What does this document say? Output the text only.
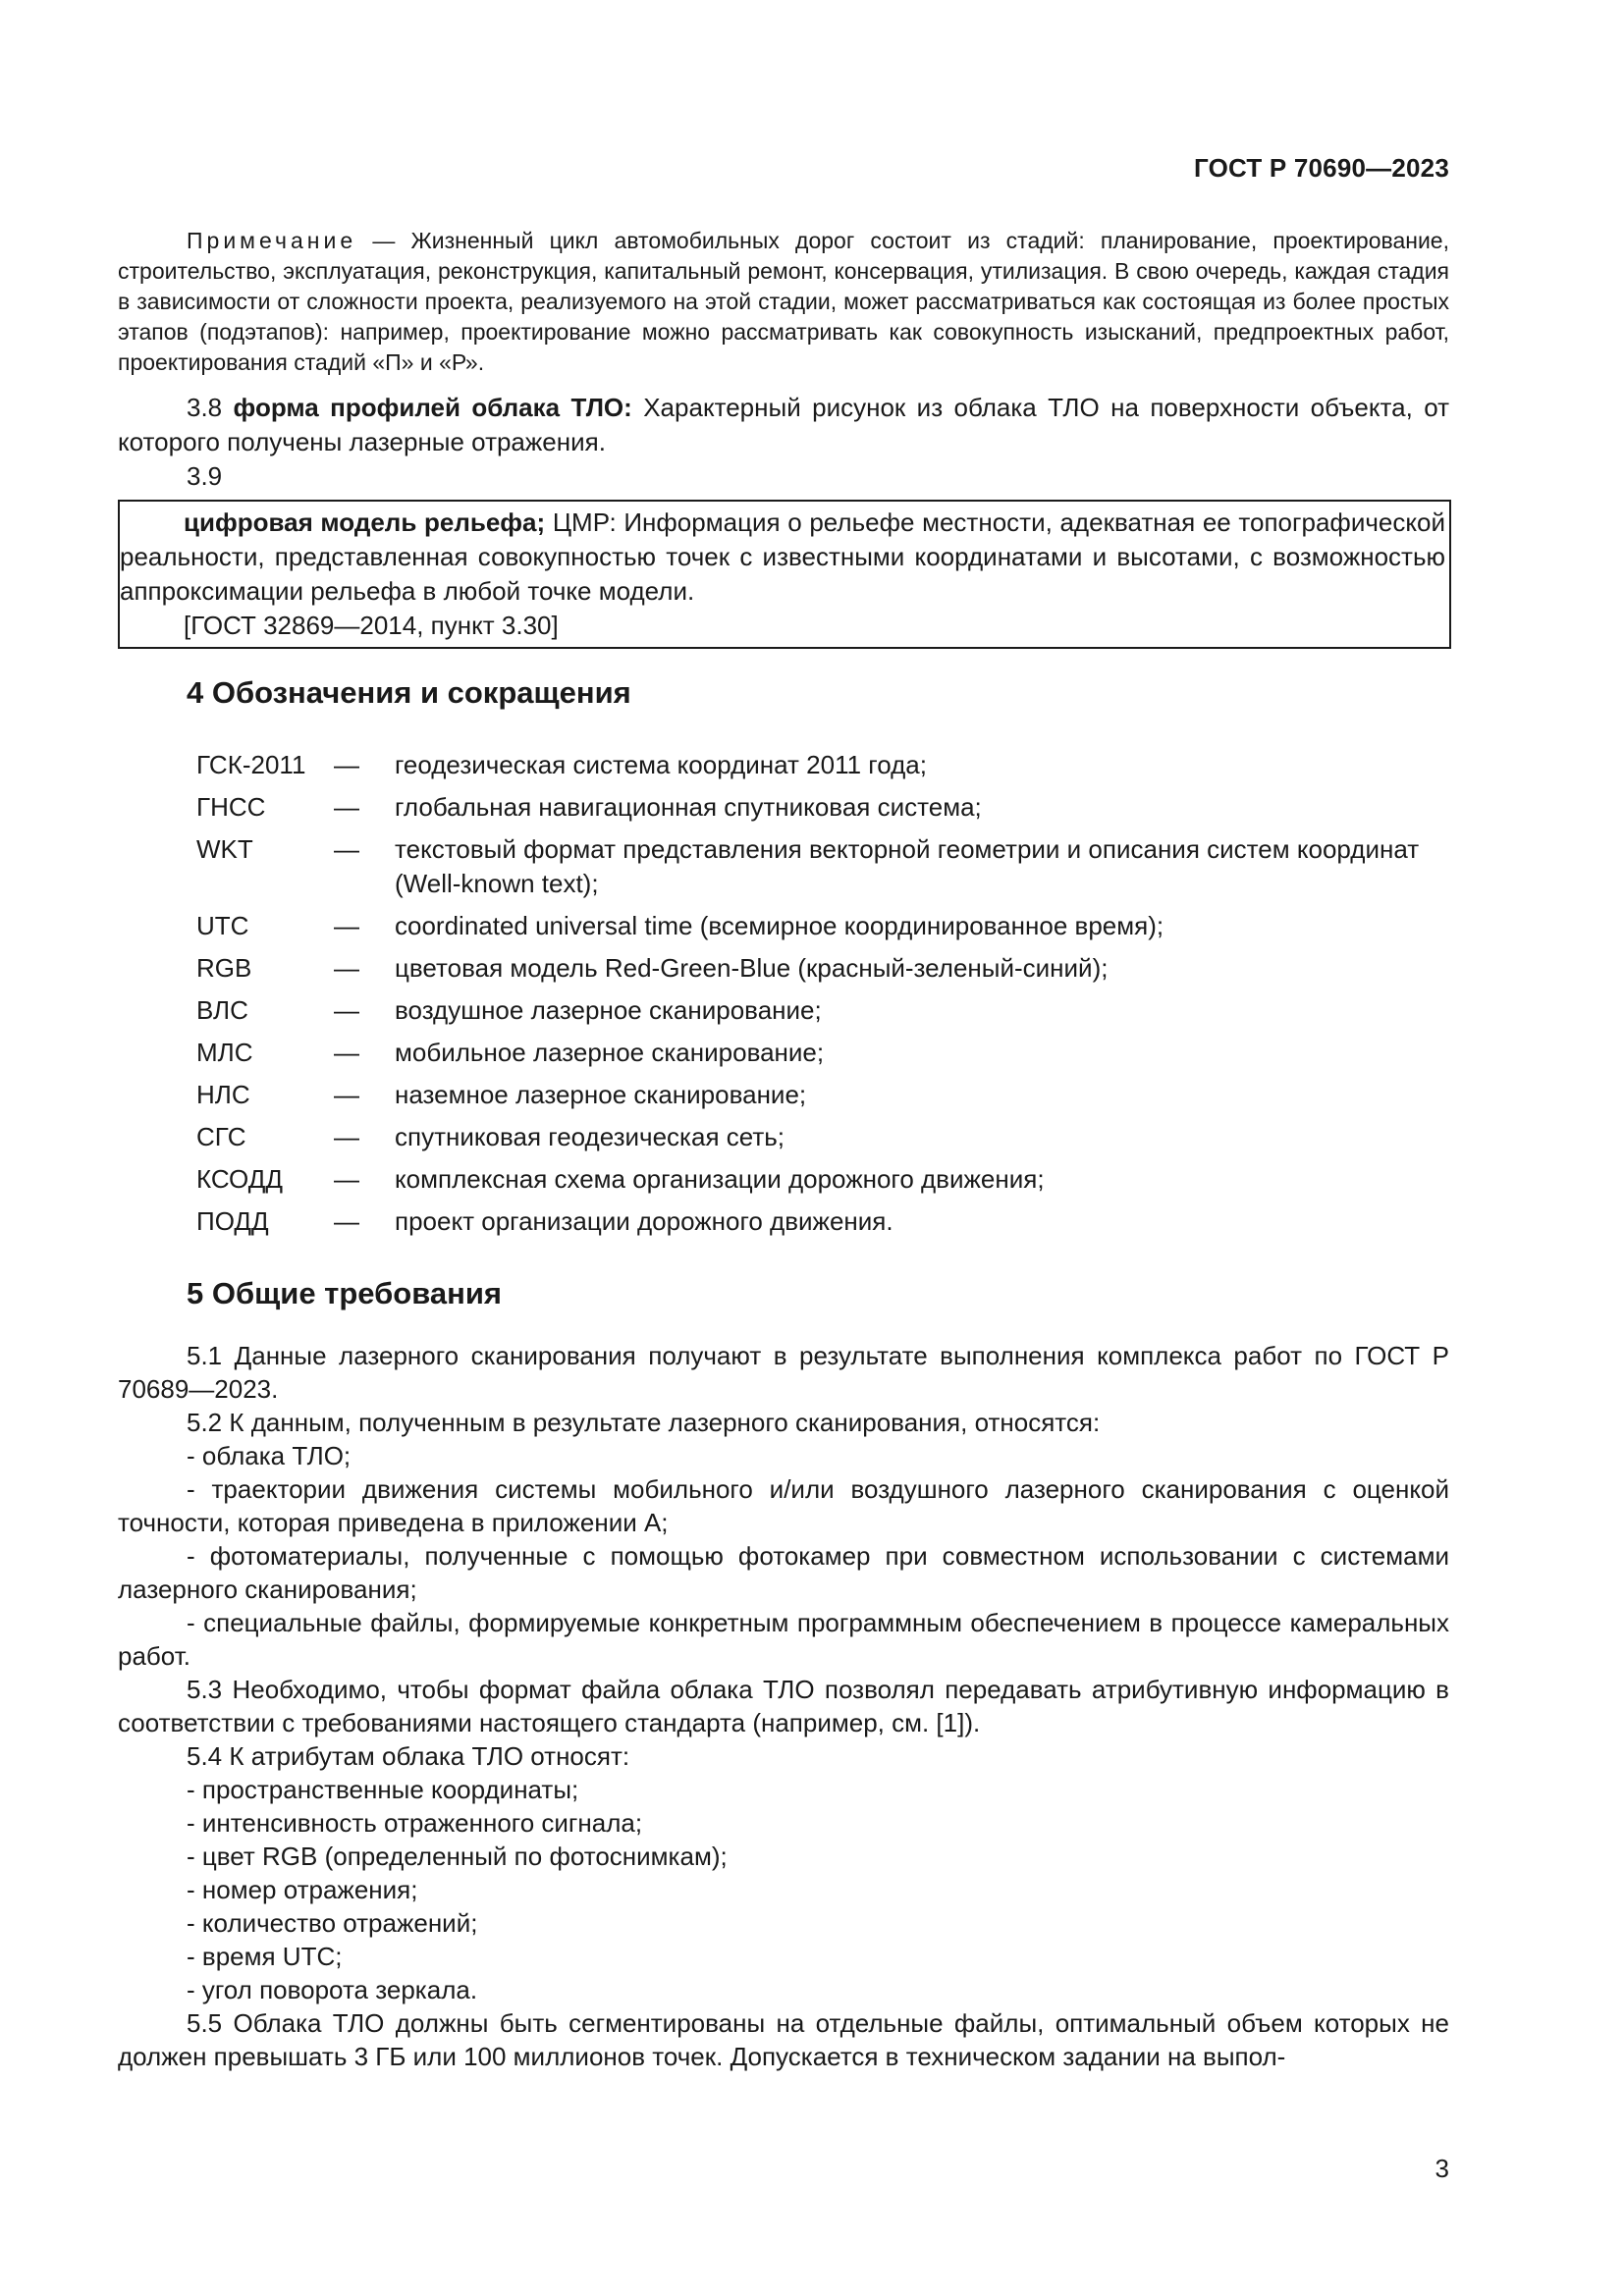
ГОСТ Р 70690—2023

Примечание — Жизненный цикл автомобильных дорог состоит из стадий: планирование, проектирование, строительство, эксплуатация, реконструкция, капитальный ремонт, консервация, утилизация. В свою очередь, каждая стадия в зависимости от сложности проекта, реализуемого на этой стадии, может рассматриваться как состоящая из более простых этапов (подэтапов): например, проектирование можно рассматривать как совокупность изысканий, предпроектных работ, проектирования стадий «П» и «Р».

3.8 форма профилей облака ТЛО: Характерный рисунок из облака ТЛО на поверхности объекта, от которого получены лазерные отражения.

3.9

цифровая модель рельефа; ЦМР: Информация о рельефе местности, адекватная ее топографической реальности, представленная совокупностью точек с известными координатами и высотами, с возможностью аппроксимации рельефа в любой точке модели.

[ГОСТ 32869—2014, пункт 3.30]
4 Обозначения и сокращения
ГСК-2011	—	геодезическая система координат 2011 года;
ГНСС	—	глобальная навигационная спутниковая система;
WKT	—	текстовый формат представления векторной геометрии и описания систем координат (Well-known text);
UTC	—	coordinated universal time (всемирное координированное время);
RGB	—	цветовая модель Red-Green-Blue (красный-зеленый-синий);
ВЛС	—	воздушное лазерное сканирование;
МЛС	—	мобильное лазерное сканирование;
НЛС	—	наземное лазерное сканирование;
СГС	—	спутниковая геодезическая сеть;
КСОДД	—	комплексная схема организации дорожного движения;
ПОДД	—	проект организации дорожного движения.
5 Общие требования

5.1 Данные лазерного сканирования получают в результате выполнения комплекса работ по ГОСТ Р 70689—2023.

5.2 К данным, полученным в результате лазерного сканирования, относятся:

- облака ТЛО;

- траектории движения системы мобильного и/или воздушного лазерного сканирования с оценкой точности, которая приведена в приложении А;

- фотоматериалы, полученные с помощью фотокамер при совместном использовании с системами лазерного сканирования;

- специальные файлы, формируемые конкретным программным обеспечением в процессе камеральных работ.

5.3 Необходимо, чтобы формат файла облака ТЛО позволял передавать атрибутивную информацию в соответствии с требованиями настоящего стандарта (например, см. [1]).

5.4 К атрибутам облака ТЛО относят:

- пространственные координаты;

- интенсивность отраженного сигнала;

- цвет RGB (определенный по фотоснимкам);

- номер отражения;

- количество отражений;

- время UTC;

- угол поворота зеркала.

5.5 Облака ТЛО должны быть сегментированы на отдельные файлы, оптимальный объем которых не должен превышать 3 ГБ или 100 миллионов точек. Допускается в техническом задании на выпол-

3
